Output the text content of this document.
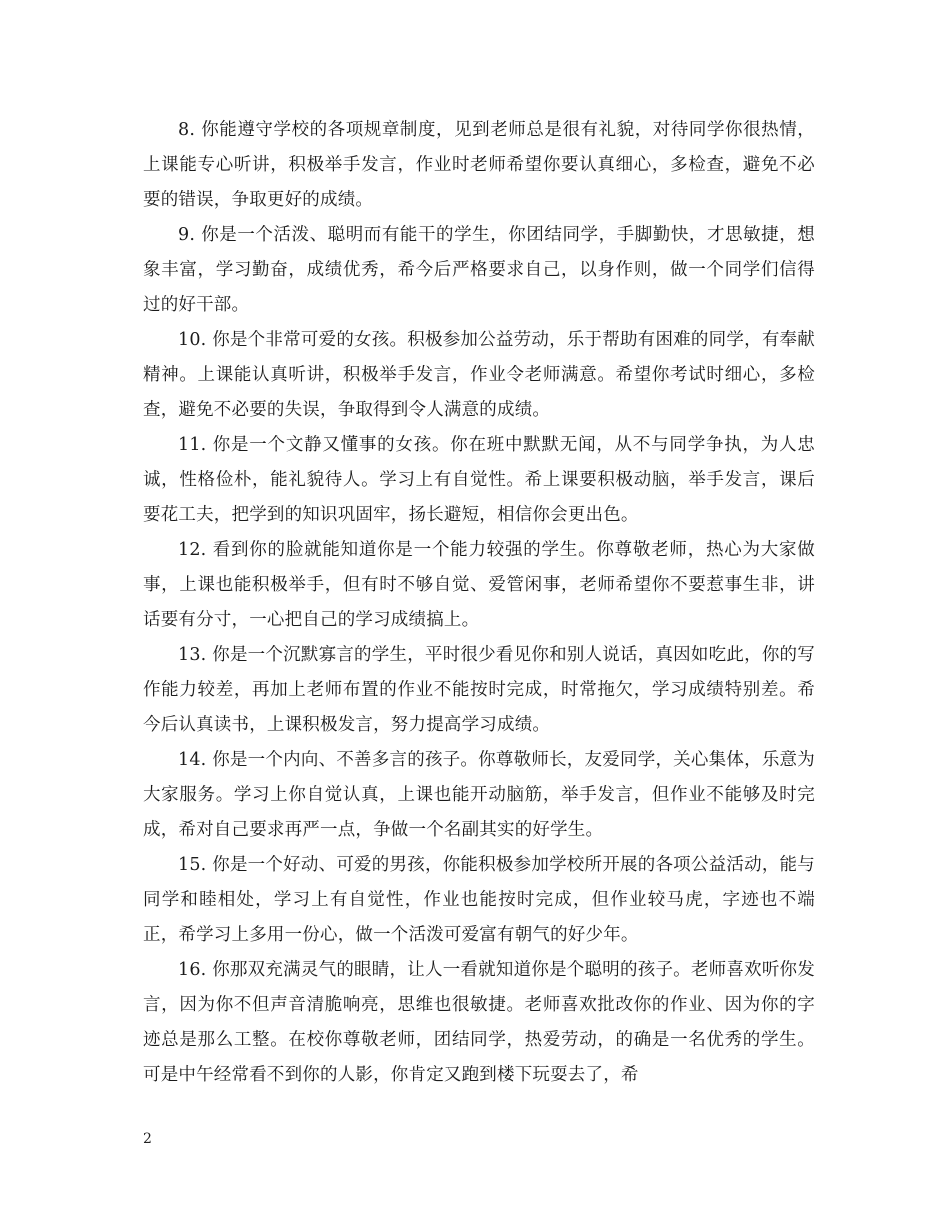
8. 你能遵守学校的各项规章制度，见到老师总是很有礼貌，对待同学你很热情，上课能专心听讲，积极举手发言，作业时老师希望你要认真细心，多检查，避免不必要的错误，争取更好的成绩。

9. 你是一个活泼、聪明而有能干的学生，你团结同学，手脚勤快，才思敏捷，想象丰富，学习勤奋，成绩优秀，希今后严格要求自己，以身作则，做一个同学们信得过的好干部。

10. 你是个非常可爱的女孩。积极参加公益劳动，乐于帮助有困难的同学，有奉献精神。上课能认真听讲，积极举手发言，作业令老师满意。希望你考试时细心，多检查，避免不必要的失误，争取得到令人满意的成绩。

11. 你是一个文静又懂事的女孩。你在班中默默无闻，从不与同学争执，为人忠诚，性格俭朴，能礼貌待人。学习上有自觉性。希上课要积极动脑，举手发言，课后要花工夫，把学到的知识巩固牢，扬长避短，相信你会更出色。

12. 看到你的脸就能知道你是一个能力较强的学生。你尊敬老师，热心为大家做事，上课也能积极举手，但有时不够自觉、爱管闲事，老师希望你不要惹事生非，讲话要有分寸，一心把自己的学习成绩搞上。

13. 你是一个沉默寡言的学生，平时很少看见你和别人说话，真因如吃此，你的写作能力较差，再加上老师布置的作业不能按时完成，时常拖欠，学习成绩特别差。希今后认真读书，上课积极发言，努力提高学习成绩。

14. 你是一个内向、不善多言的孩子。你尊敬师长，友爱同学，关心集体，乐意为大家服务。学习上你自觉认真，上课也能开动脑筋，举手发言，但作业不能够及时完成，希对自己要求再严一点，争做一个名副其实的好学生。

15. 你是一个好动、可爱的男孩，你能积极参加学校所开展的各项公益活动，能与同学和睦相处，学习上有自觉性，作业也能按时完成，但作业较马虎，字迹也不端正，希学习上多用一份心，做一个活泼可爱富有朝气的好少年。

16. 你那双充满灵气的眼睛，让人一看就知道你是个聪明的孩子。老师喜欢听你发言，因为你不但声音清脆响亮，思维也很敏捷。老师喜欢批改你的作业、因为你的字迹总是那么工整。在校你尊敬老师，团结同学，热爱劳动，的确是一名优秀的学生。可是中午经常看不到你的人影，你肯定又跑到楼下玩耍去了，希

2
